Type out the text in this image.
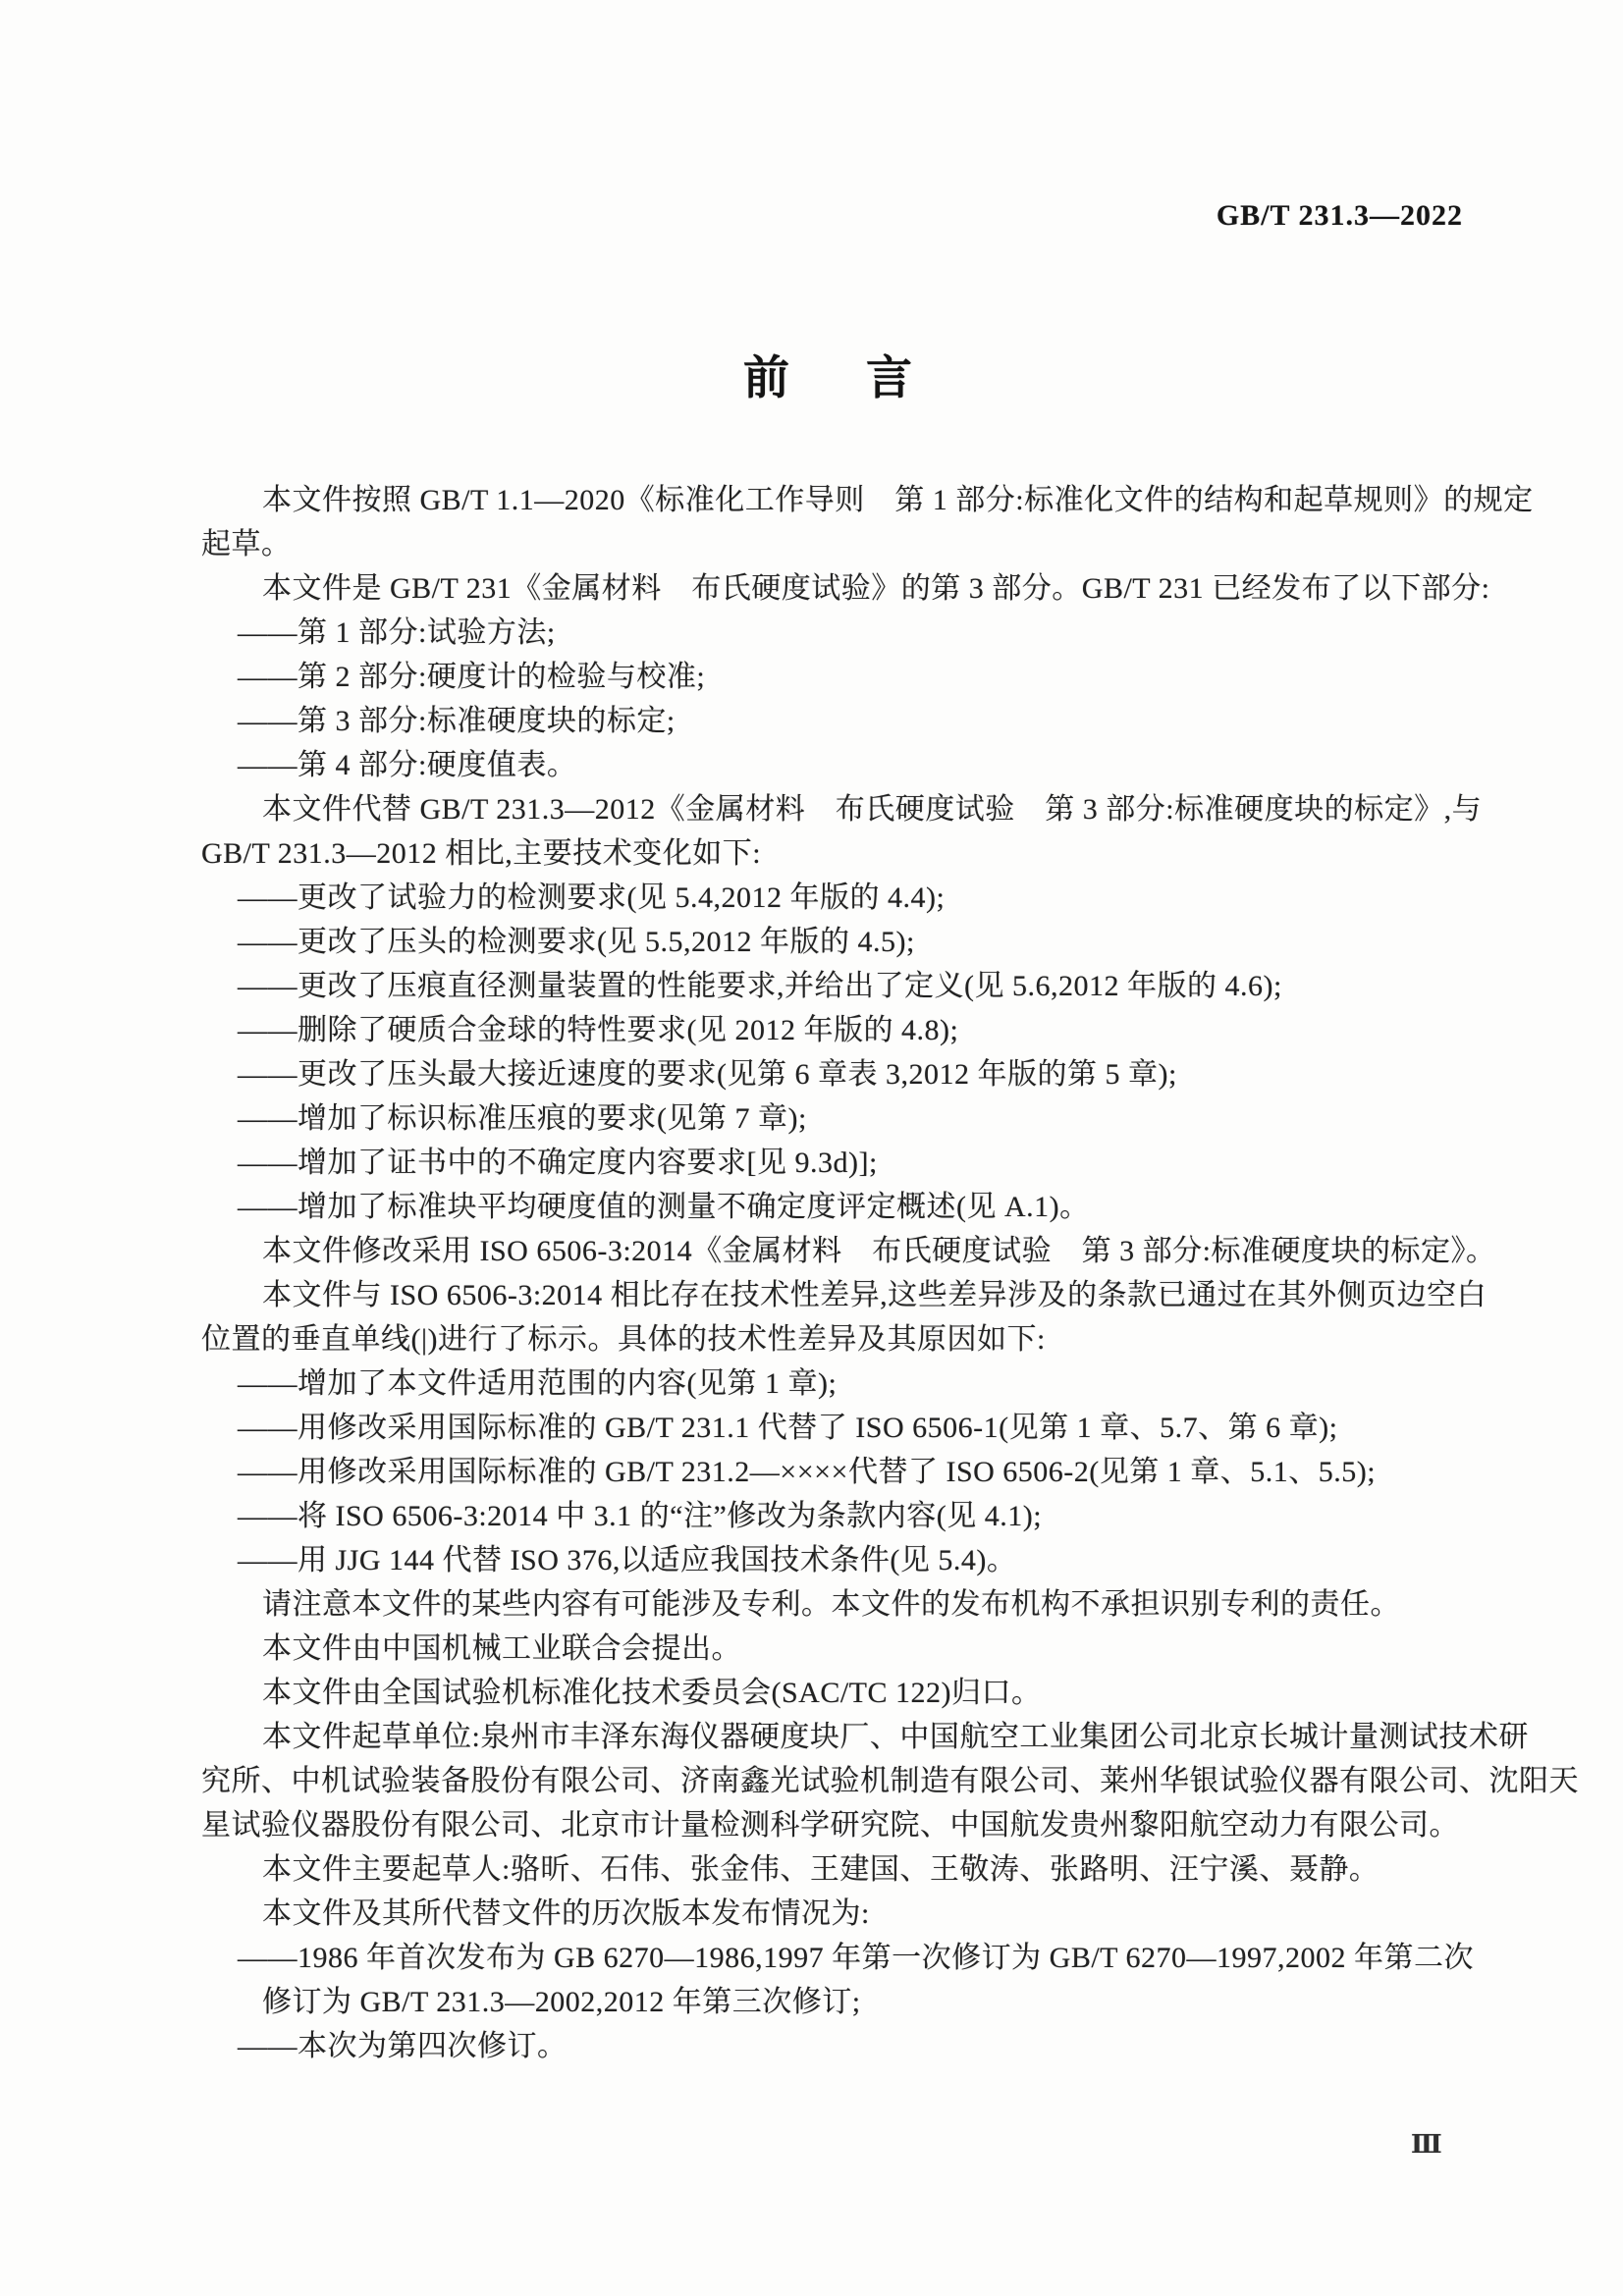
GB/T 231.3—2022
前言
本文件按照 GB/T 1.1—2020《标准化工作导则　第 1 部分:标准化文件的结构和起草规则》的规定
起草。
本文件是 GB/T 231《金属材料　布氏硬度试验》的第 3 部分。GB/T 231 已经发布了以下部分:
——第 1 部分:试验方法;
——第 2 部分:硬度计的检验与校准;
——第 3 部分:标准硬度块的标定;
——第 4 部分:硬度值表。
本文件代替 GB/T 231.3—2012《金属材料　布氏硬度试验　第 3 部分:标准硬度块的标定》,与
GB/T 231.3—2012 相比,主要技术变化如下:
——更改了试验力的检测要求(见 5.4,2012 年版的 4.4);
——更改了压头的检测要求(见 5.5,2012 年版的 4.5);
——更改了压痕直径测量装置的性能要求,并给出了定义(见 5.6,2012 年版的 4.6);
——删除了硬质合金球的特性要求(见 2012 年版的 4.8);
——更改了压头最大接近速度的要求(见第 6 章表 3,2012 年版的第 5 章);
——增加了标识标准压痕的要求(见第 7 章);
——增加了证书中的不确定度内容要求[见 9.3d)];
——增加了标准块平均硬度值的测量不确定度评定概述(见 A.1)。
本文件修改采用 ISO 6506-3:2014《金属材料　布氏硬度试验　第 3 部分:标准硬度块的标定》。
本文件与 ISO 6506-3:2014 相比存在技术性差异,这些差异涉及的条款已通过在其外侧页边空白
位置的垂直单线(|)进行了标示。具体的技术性差异及其原因如下:
——增加了本文件适用范围的内容(见第 1 章);
——用修改采用国际标准的 GB/T 231.1 代替了 ISO 6506-1(见第 1 章、5.7、第 6 章);
——用修改采用国际标准的 GB/T 231.2—××××代替了 ISO 6506-2(见第 1 章、5.1、5.5);
——将 ISO 6506-3:2014 中 3.1 的“注”修改为条款内容(见 4.1);
——用 JJG 144 代替 ISO 376,以适应我国技术条件(见 5.4)。
请注意本文件的某些内容有可能涉及专利。本文件的发布机构不承担识别专利的责任。
本文件由中国机械工业联合会提出。
本文件由全国试验机标准化技术委员会(SAC/TC 122)归口。
本文件起草单位:泉州市丰泽东海仪器硬度块厂、中国航空工业集团公司北京长城计量测试技术研
究所、中机试验装备股份有限公司、济南鑫光试验机制造有限公司、莱州华银试验仪器有限公司、沈阳天
星试验仪器股份有限公司、北京市计量检测科学研究院、中国航发贵州黎阳航空动力有限公司。
本文件主要起草人:骆昕、石伟、张金伟、王建国、王敬涛、张路明、汪宁溪、聂静。
本文件及其所代替文件的历次版本发布情况为:
——1986 年首次发布为 GB 6270—1986,1997 年第一次修订为 GB/T 6270—1997,2002 年第二次
修订为 GB/T 231.3—2002,2012 年第三次修订;
——本次为第四次修订。
Ⅲ
